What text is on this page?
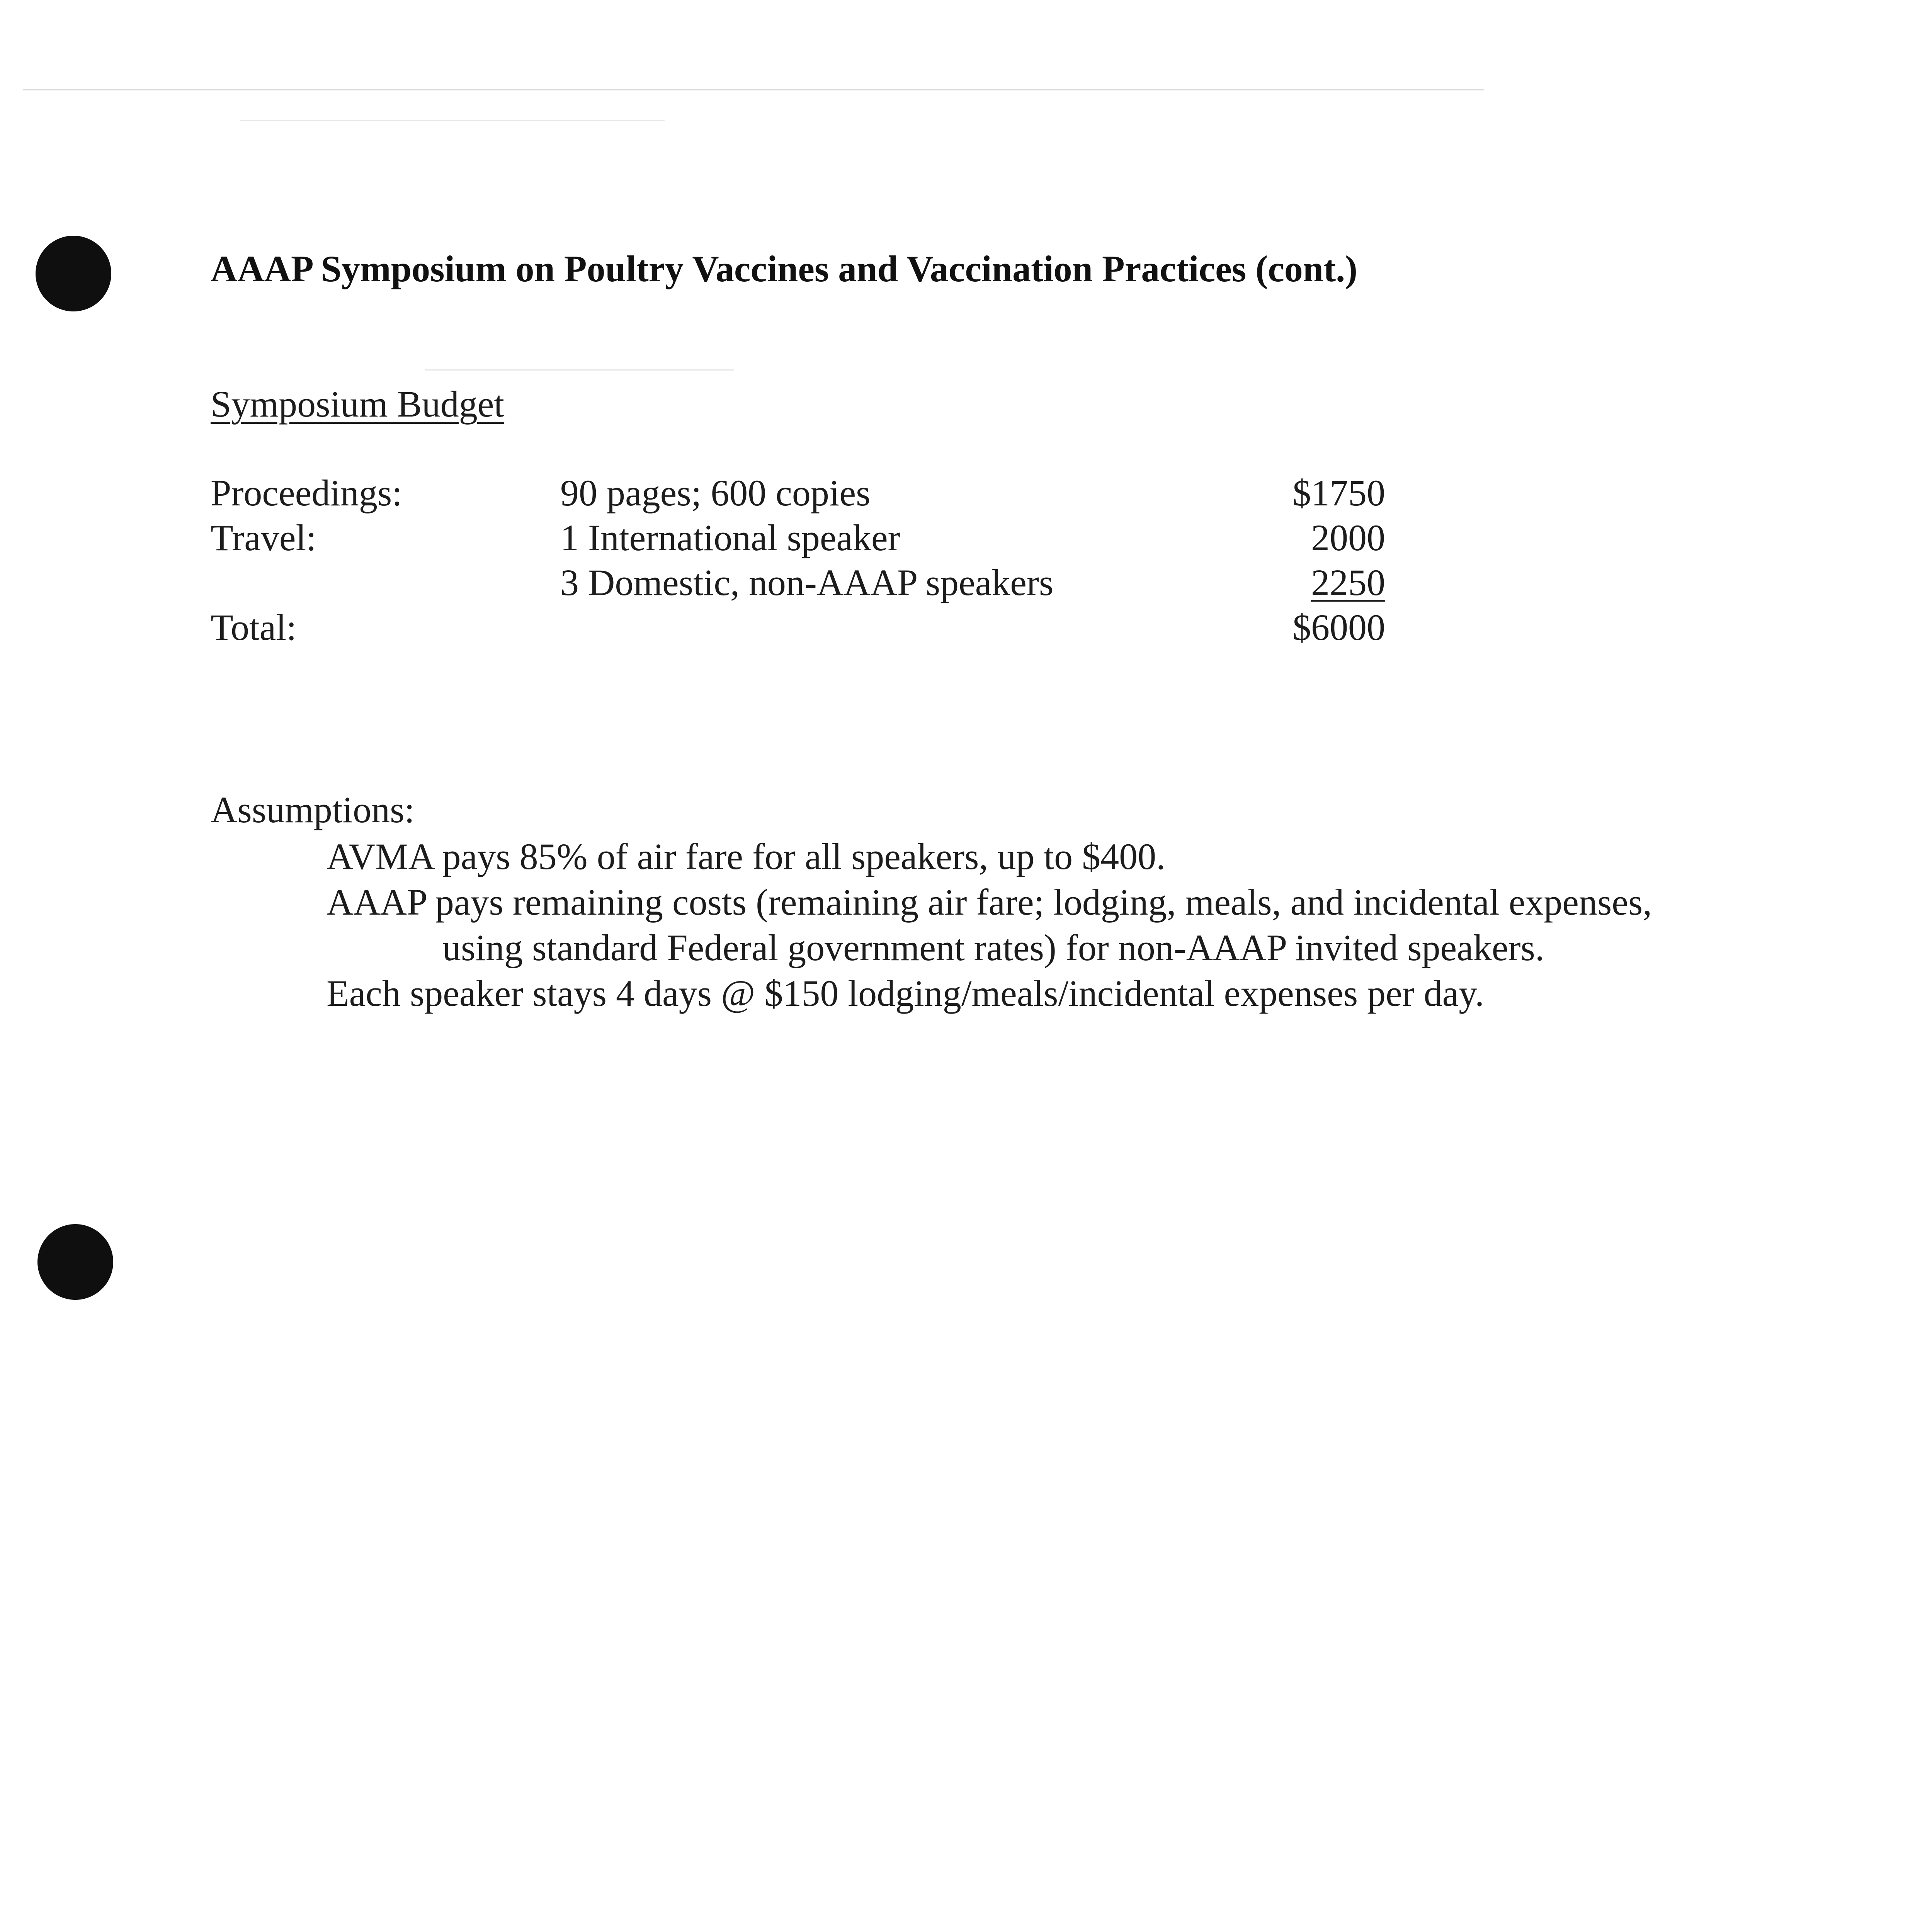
AAAP Symposium on Poultry Vaccines and Vaccination Practices (cont.)
Symposium Budget
Proceedings:	90 pages; 600 copies	$1750
Travel:	1 International speaker	2000
3 Domestic, non-AAAP speakers	2250
Total:	$6000
Assumptions:
AVMA pays 85% of air fare for all speakers, up to $400.
AAAP pays remaining costs (remaining air fare; lodging, meals, and incidental expenses,
using standard Federal government rates) for non-AAAP invited speakers.
Each speaker stays 4 days @ $150 lodging/meals/incidental expenses per day.
